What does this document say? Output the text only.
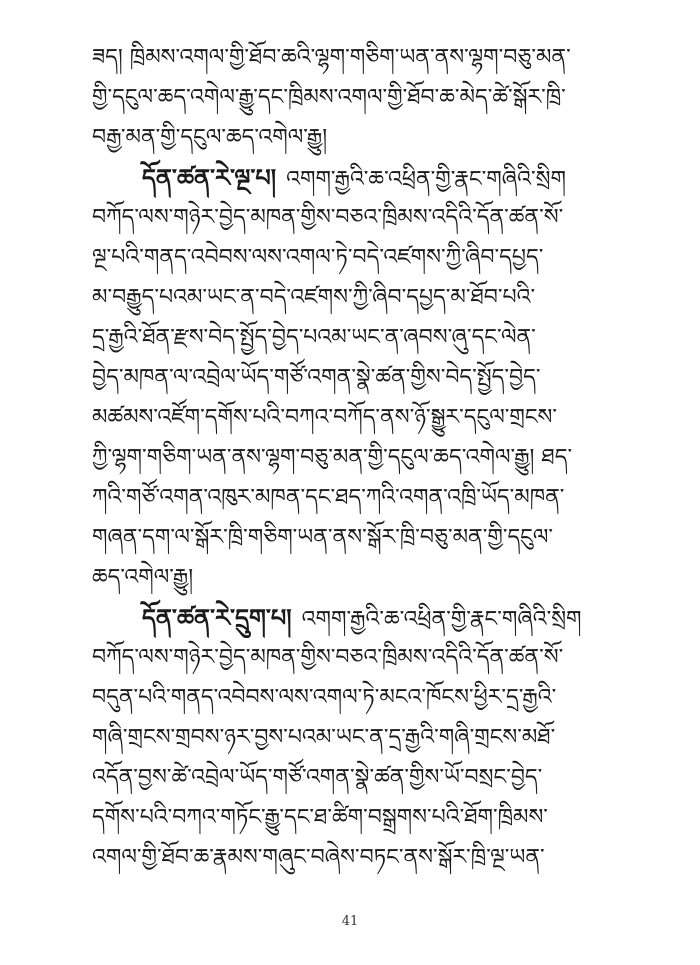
ཟད། ཁྲིམས་འགལ་གྱི་ཐོབ་ཆའི་ལྷག་གཅིག་ཡན་ནས་ལྷག་བཅུ་མན་
གྱི་དངུལ་ཆད་འགེལ་རྒྱུ་དང་ཁྲིམས་འགལ་གྱི་ཐོབ་ཆ་མེད་ཚེ་སྒོར་ཁྲི་
བརྒྱ་མན་གྱི་དངུལ་ཆད་འགེལ་རྒྱུ།
དོན་ཚན་རེ་ལྔ་པ། འགག་རྒྱའི་ཆ་འཕྲིན་གྱི་རྣང་གཞིའི་སྲིག
བཀོད་ལས་གཉེར་བྱེད་མཁན་གྱིས་བཅའ་ཁྲིམས་འདིའི་དོན་ཚན་སོ་
ལྔ་པའི་གནད་འབེབས་ལས་འགལ་ཏེ་བདེ་འཛགས་ཀྱི་ཞིབ་དཔྱད་
མ་བརྒྱུད་པའམ་ཡང་ན་བདེ་འཛགས་ཀྱི་ཞིབ་དཔྱད་མ་ཐོབ་པའི་
དྲ་རྒྱའི་ཐོན་རྫས་བེད་སྤྱོད་བྱེད་པའམ་ཡང་ན་ཞབས་ཞུ་དང་ལེན་
བྱེད་མཁན་ལ་འབྲེལ་ཡོད་གཙོ་འགན་སྣེ་ཚན་གྱིས་བེད་སྤྱོད་བྱེད་
མཚམས་འཛོག་དགོས་པའི་བཀའ་བཀོད་ནས་ཉོ་སྒྱུར་དངུལ་གྲངས་
ཀྱི་ལྷག་གཅིག་ཡན་ནས་ལྷག་བཅུ་མན་གྱི་དངུལ་ཆད་འགེལ་རྒྱུ། ཐད་
ཀའི་གཙོ་འགན་འཁུར་མཁན་དང་ཐད་ཀའི་འགན་འཁྲི་ཡོད་མཁན་
གཞན་དག་ལ་སྒོར་ཁྲི་གཅིག་ཡན་ནས་སྒོར་ཁྲི་བཅུ་མན་གྱི་དངུལ་
ཆད་འགེལ་རྒྱུ།
དོན་ཚན་རེ་དྲུག་པ། འགག་རྒྱའི་ཆ་འཕྲིན་གྱི་རྣང་གཞིའི་སྲིག
བཀོད་ལས་གཉེར་བྱེད་མཁན་གྱིས་བཅའ་ཁྲིམས་འདིའི་དོན་ཚན་སོ་
བདུན་པའི་གནད་འབེབས་ལས་འགལ་ཏེ་མངའ་ཁོངས་ཕྱིར་དྲ་རྒྱའི་
གཞི་གྲངས་གྲབས་ཉར་བྱས་པའམ་ཡང་ན་དྲ་རྒྱའི་གཞི་གྲངས་མཐོ་
འདོན་བྱས་ཚེ་འབྲེལ་ཡོད་གཙོ་འགན་སྣེ་ཚན་གྱིས་ཡོ་བསྲང་བྱེད་
དགོས་པའི་བཀའ་གཏོང་རྒྱུ་དང་ཐ་ཚིག་བསྒྲགས་པའི་ཐོག་ཁྲིམས་
འགལ་གྱི་ཐོབ་ཆ་རྣམས་གཞུང་བཞེས་བཏང་ནས་སྒོར་ཁྲི་ལྔ་ཡན་
41
